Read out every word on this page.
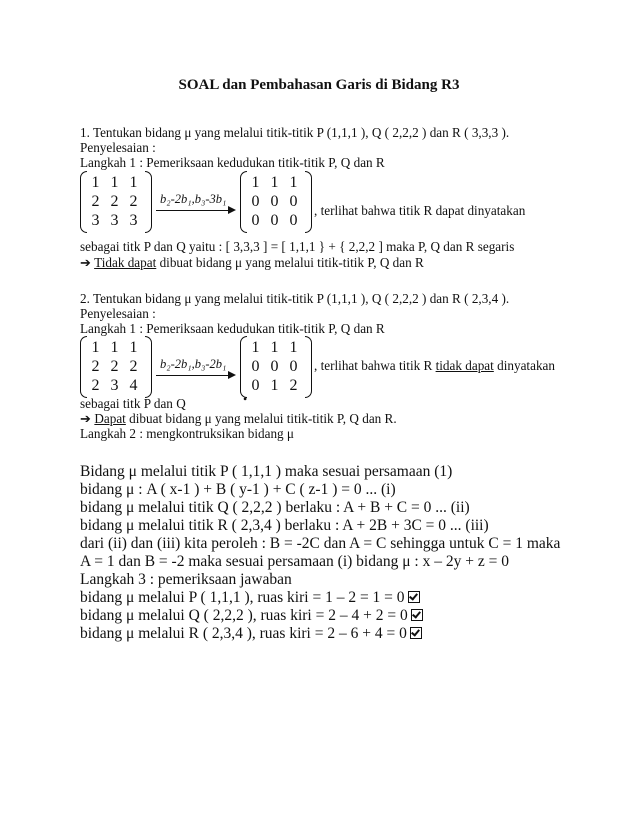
SOAL dan Pembahasan Garis di Bidang R3
1. Tentukan bidang μ yang melalui titik-titik P (1,1,1 ), Q ( 2,2,2 ) dan R ( 3,3,3 ).
Penyelesaian :
Langkah 1 : Pemeriksaan kedudukan titik-titik P, Q dan R
1 1 1
2 2 2
3 3 3
b₂-2b₁,b₃-3b₁
1 1 1
0 0 0
0 0 0
, terlihat bahwa titik R dapat dinyatakan
sebagai titk P dan Q yaitu : [ 3,3,3 ] = [ 1,1,1 } + { 2,2,2 ] maka P, Q dan R segaris
➔ Tidak dapat dibuat bidang μ yang melalui titik-titik P, Q dan R
2. Tentukan bidang μ yang melalui titik-titik P (1,1,1 ), Q ( 2,2,2 ) dan R ( 2,3,4 ).
Penyelesaian :
Langkah 1 : Pemeriksaan kedudukan titik-titik P, Q dan R
1 1 1
2 2 2
2 3 4
b₂-2b₁,b₃-2b₁
1 1 1
0 0 0
0 1 2
, terlihat bahwa titik R tidak dapat dinyatakan
sebagai titk P dan Q	•
➔ Dapat dibuat bidang μ yang melalui titik-titik P, Q dan R.
Langkah 2 : mengkontruksikan bidang μ
Bidang μ melalui titik P ( 1,1,1 ) maka sesuai persamaan (1)
bidang μ : A ( x-1 ) + B ( y-1 ) + C ( z-1 ) = 0 ... (i)
bidang μ melalui titik Q ( 2,2,2 ) berlaku : A + B + C = 0 ... (ii)
bidang μ melalui titik R ( 2,3,4 ) berlaku : A + 2B + 3C = 0 ... (iii)
dari (ii) dan (iii) kita peroleh : B = -2C dan A = C sehingga untuk C = 1 maka
A = 1 dan B = -2 maka sesuai persamaan (i) bidang μ : x – 2y + z = 0
Langkah 3 : pemeriksaan jawaban
bidang μ melalui P ( 1,1,1 ), ruas kiri = 1 – 2 = 1 = 0
bidang μ melalui Q ( 2,2,2 ), ruas kiri = 2 – 4 + 2 = 0
bidang μ melalui R ( 2,3,4 ), ruas kiri = 2 – 6 + 4 = 0
